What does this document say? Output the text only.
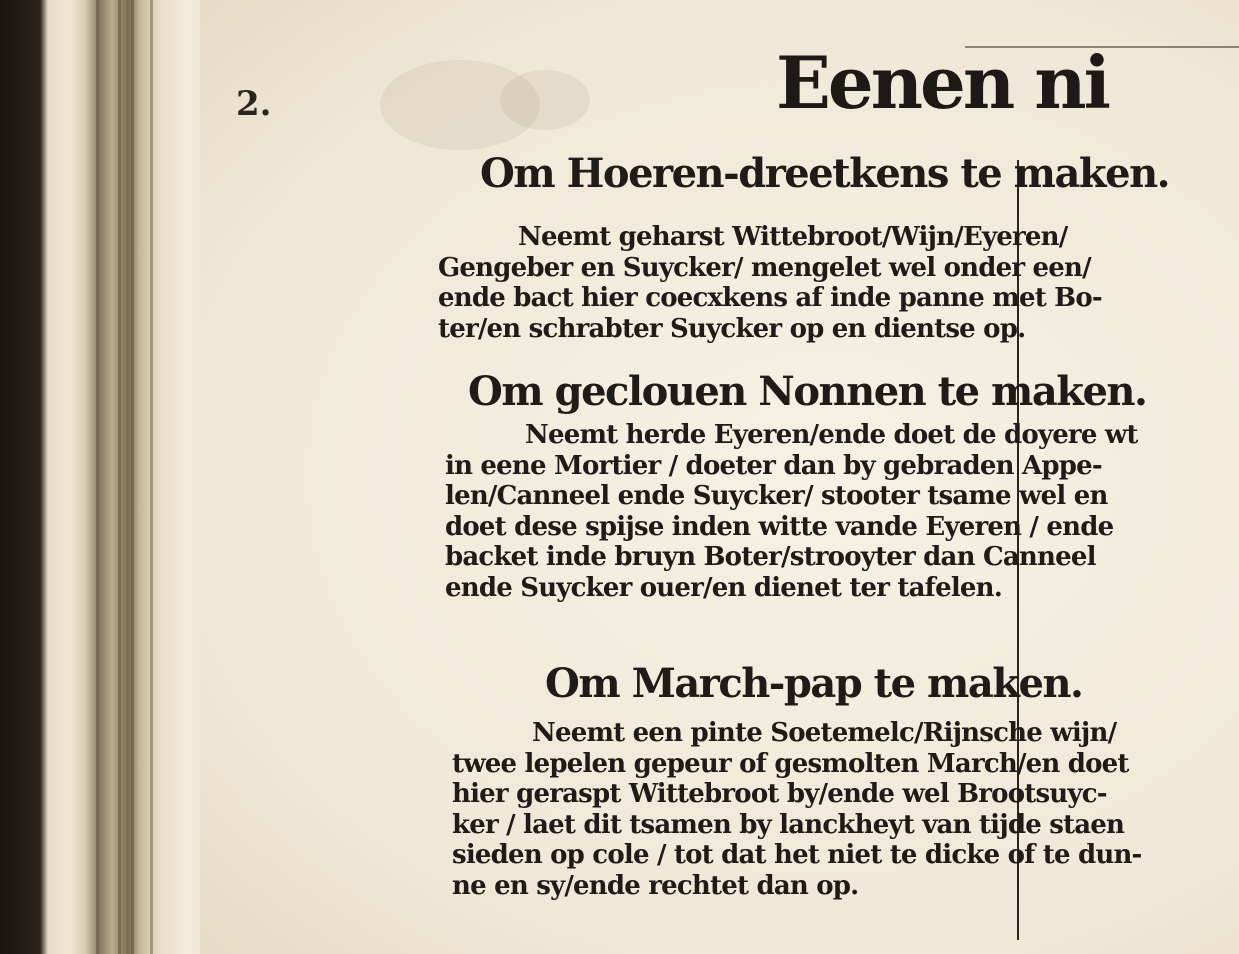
2.	Eenen ni
Om Hoeren-dreetkens te maken.
Neemt geharst Wittebroot/Wijn/Eyeren/
Gengeber en Suycker/ mengelet wel onder een/
ende bact hier coecxkens af inde panne met Bo-
ter/en schrabter Suycker op en dientse op.
Om geclouen Nonnen te maken.
Neemt herde Eyeren/ende doet de doyere wt
in eene Mortier / doeter dan by gebraden Appe-
len/Canneel ende Suycker/ stooter tsame wel en
doet dese spijse inden witte vande Eyeren / ende
backet inde bruyn Boter/strooyter dan Canneel
ende Suycker ouer/en dienet ter tafelen.
Om March-pap te maken.
Neemt een pinte Soetemelc/Rijnsche wijn/
twee lepelen gepeur of gesmolten March/en doet
hier geraspt Wittebroot by/ende wel Brootsuyc-
ker / laet dit tsamen by lanckheyt van tijde staen
sieden op cole / tot dat het niet te dicke of te dun-
ne en sy/ende rechtet dan op.
